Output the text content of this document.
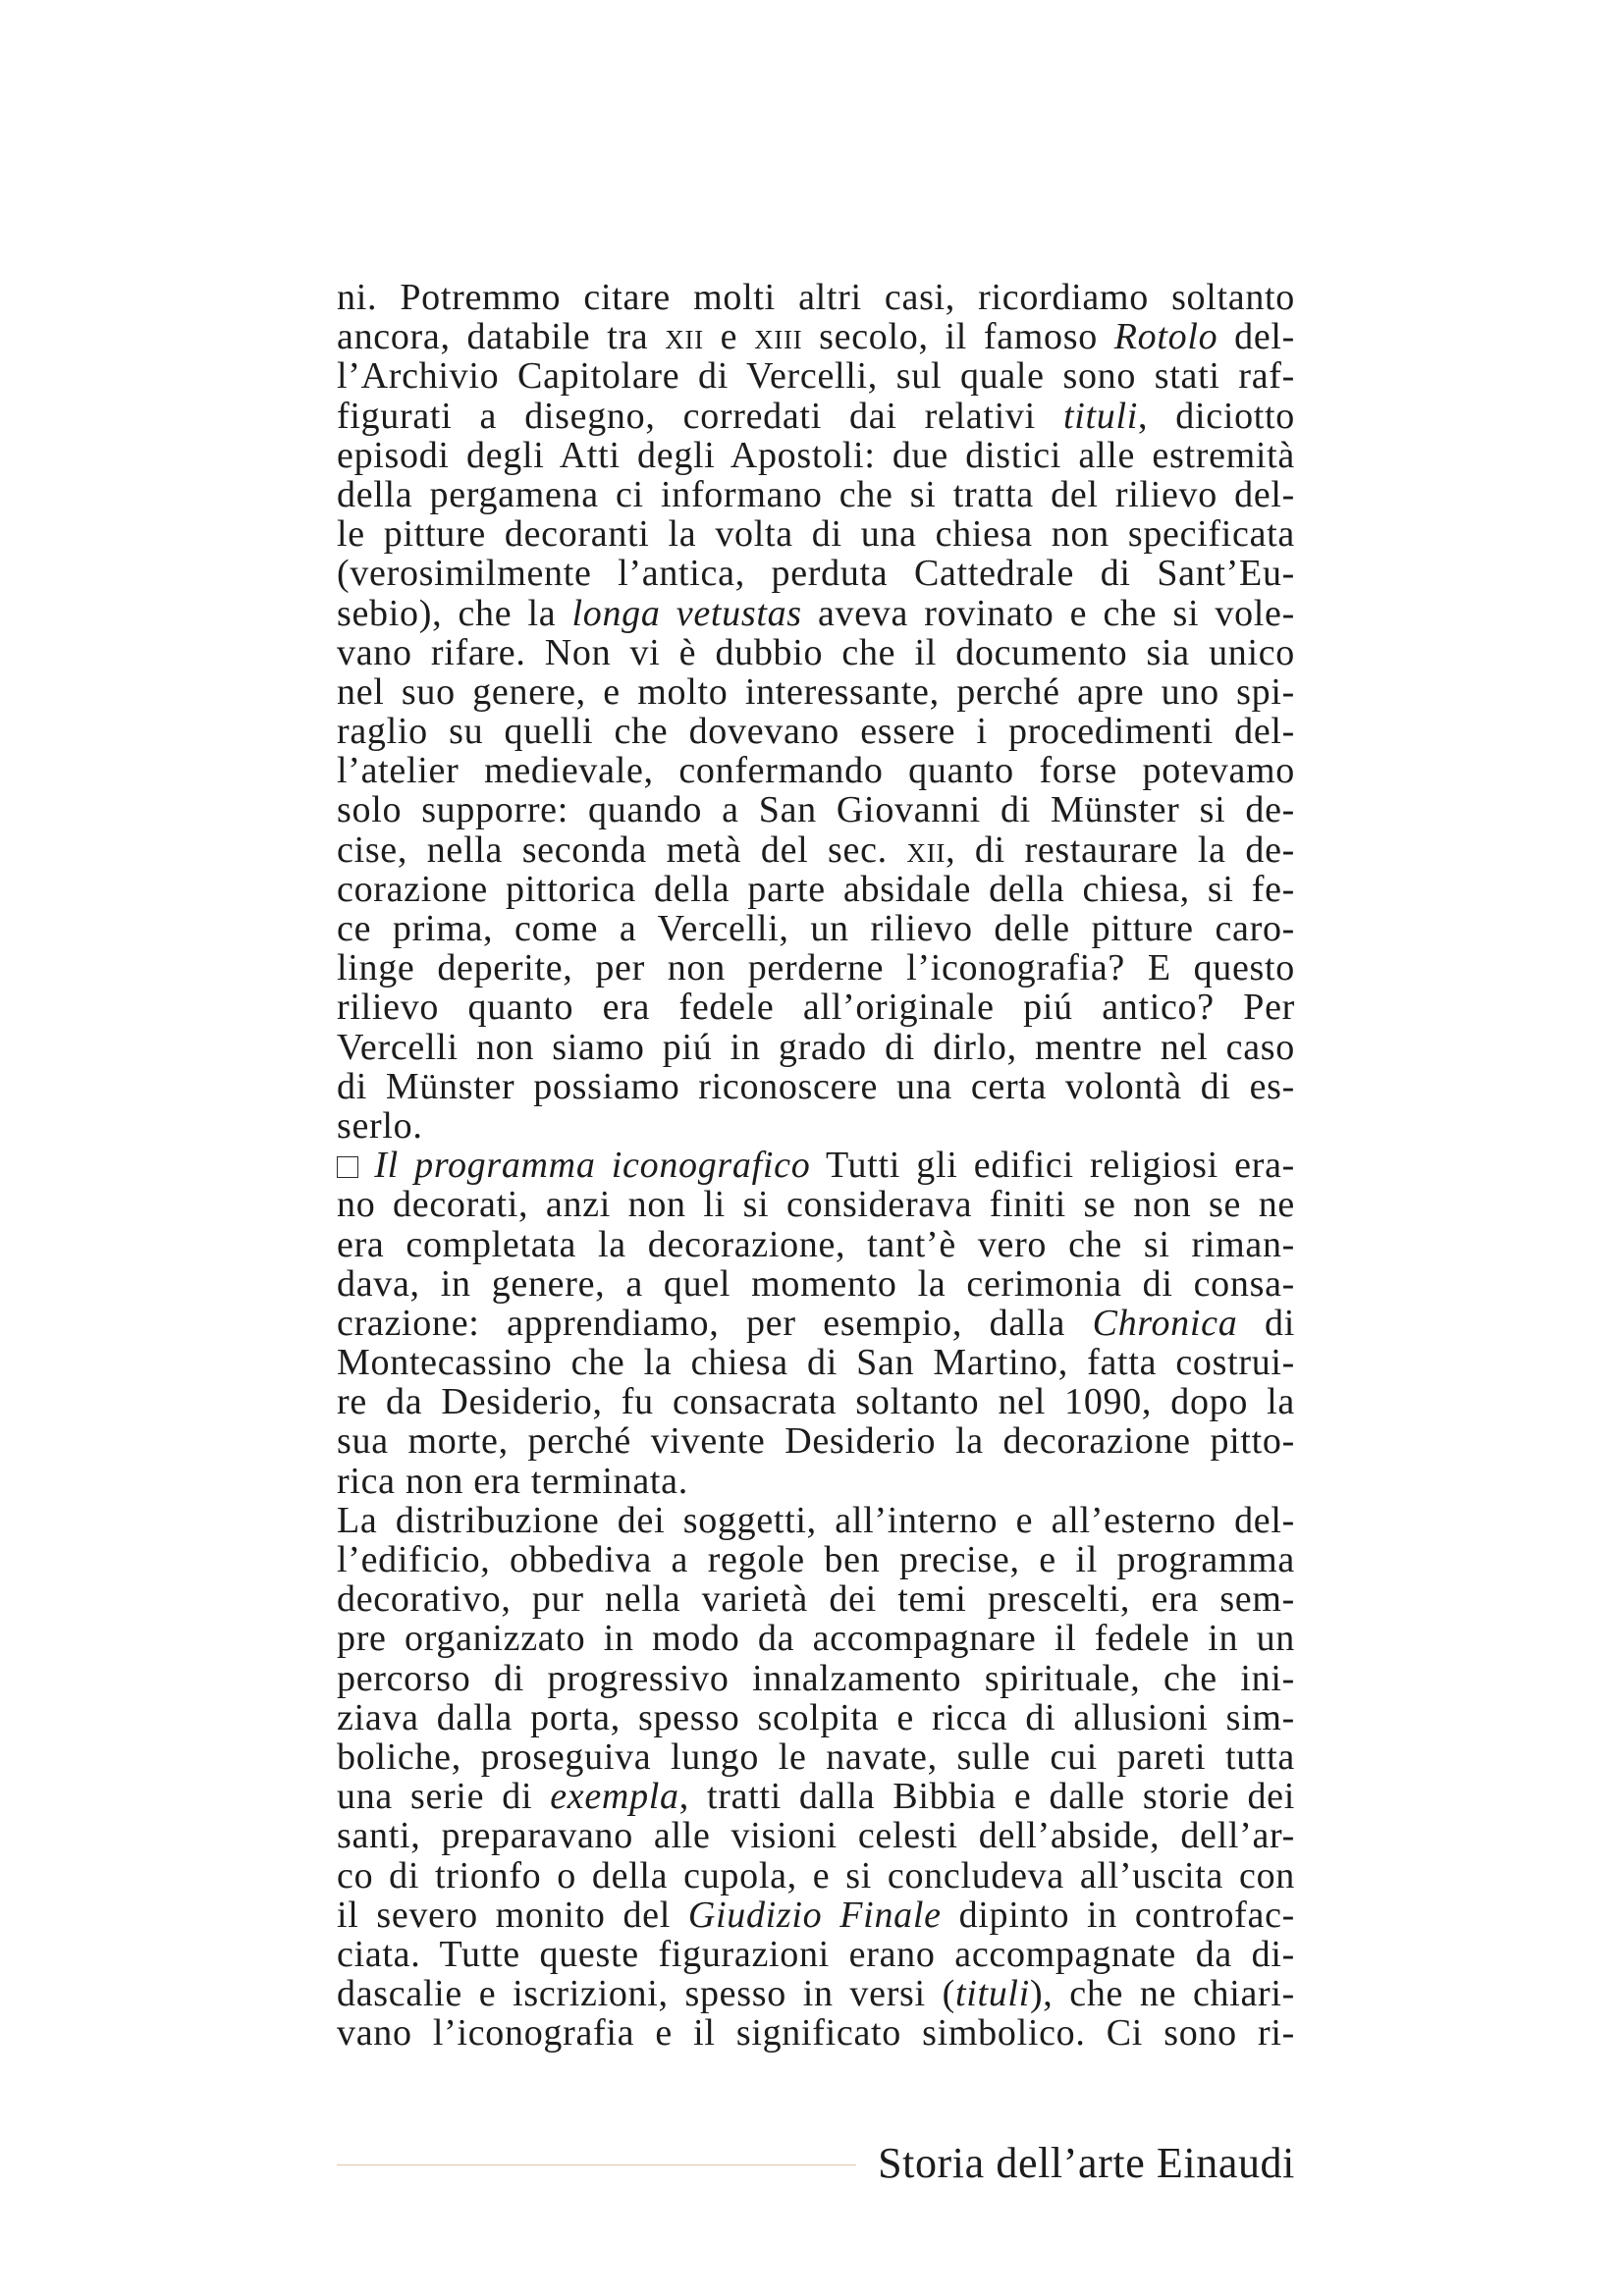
ni. Potremmo citare molti altri casi, ricordiamo soltanto
ancora, databile tra xii e xiii secolo, il famoso Rotolo del-
l’Archivio Capitolare di Vercelli, sul quale sono stati raf-
figurati a disegno, corredati dai relativi tituli, diciotto
episodi degli Atti degli Apostoli: due distici alle estremità
della pergamena ci informano che si tratta del rilievo del-
le pitture decoranti la volta di una chiesa non specificata
(verosimilmente l’antica, perduta Cattedrale di Sant’Eu-
sebio), che la longa vetustas aveva rovinato e che si vole-
vano rifare. Non vi è dubbio che il documento sia unico
nel suo genere, e molto interessante, perché apre uno spi-
raglio su quelli che dovevano essere i procedimenti del-
l’atelier medievale, confermando quanto forse potevamo
solo supporre: quando a San Giovanni di Münster si de-
cise, nella seconda metà del sec. xii, di restaurare la de-
corazione pittorica della parte absidale della chiesa, si fe-
ce prima, come a Vercelli, un rilievo delle pitture caro-
linge deperite, per non perderne l’iconografia? E questo
rilievo quanto era fedele all’originale piú antico? Per
Vercelli non siamo piú in grado di dirlo, mentre nel caso
di Münster possiamo riconoscere una certa volontà di es-
serlo.
Il programma iconografico Tutti gli edifici religiosi era-
no decorati, anzi non li si considerava finiti se non se ne
era completata la decorazione, tant’è vero che si riman-
dava, in genere, a quel momento la cerimonia di consa-
crazione: apprendiamo, per esempio, dalla Chronica di
Montecassino che la chiesa di San Martino, fatta costrui-
re da Desiderio, fu consacrata soltanto nel 1090, dopo la
sua morte, perché vivente Desiderio la decorazione pitto-
rica non era terminata.
La distribuzione dei soggetti, all’interno e all’esterno del-
l’edificio, obbediva a regole ben precise, e il programma
decorativo, pur nella varietà dei temi prescelti, era sem-
pre organizzato in modo da accompagnare il fedele in un
percorso di progressivo innalzamento spirituale, che ini-
ziava dalla porta, spesso scolpita e ricca di allusioni sim-
boliche, proseguiva lungo le navate, sulle cui pareti tutta
una serie di exempla, tratti dalla Bibbia e dalle storie dei
santi, preparavano alle visioni celesti dell’abside, dell’ar-
co di trionfo o della cupola, e si concludeva all’uscita con
il severo monito del Giudizio Finale dipinto in controfac-
ciata. Tutte queste figurazioni erano accompagnate da di-
dascalie e iscrizioni, spesso in versi (tituli), che ne chiari-
vano l’iconografia e il significato simbolico. Ci sono ri-
Storia dell’arte Einaudi
